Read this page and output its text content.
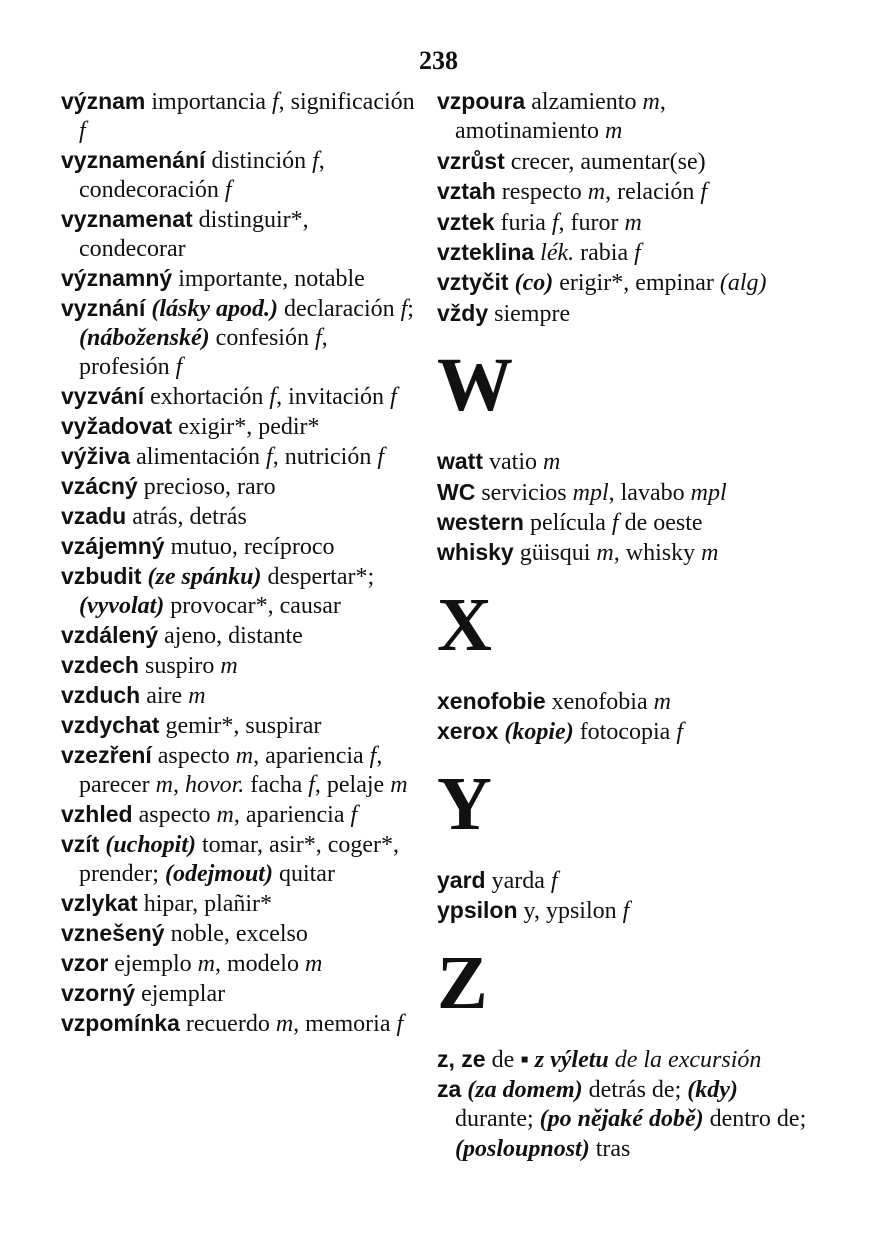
238

význam importancia f, significación f

vyznamenání distinción f, condecoración f

vyznamenat distinguir*, condecorar

významný importante, notable

vyznání (lásky apod.) declaración f; (náboženské) confesión f, profesión f

vyzvání exhortación f, invitación f

vyžadovat exigir*, pedir*

výživa alimentación f, nutrición f

vzácný precioso, raro

vzadu atrás, detrás

vzájemný mutuo, recíproco

vzbudit (ze spánku) despertar*; (vyvolat) provocar*, causar

vzdálený ajeno, distante

vzdech suspiro m

vzduch aire m

vzdychat gemir*, suspirar

vzezření aspecto m, apariencia f, parecer m, hovor. facha f, pelaje m

vzhled aspecto m, apariencia f

vzít (uchopit) tomar, asir*, coger*, prender; (odejmout) quitar

vzlykat hipar, plañir*

vznešený noble, excelso

vzor ejemplo m, modelo m

vzorný ejemplar

vzpomínka recuerdo m, memoria f

vzpoura alzamiento m, amotinamiento m

vzrůst crecer, aumentar(se)

vztah respecto m, relación f

vztek furia f, furor m

vzteklina lék. rabia f

vztyčit (co) erigir*, empinar (alg)

vždy siempre

W

watt vatio m

WC servicios mpl, lavabo mpl

western película f de oeste

whisky güisqui m, whisky m

X

xenofobie xenofobia m

xerox (kopie) fotocopia f

Y

yard yarda f

ypsilon y, ypsilon f

Z

z, ze de ▪ z výletu de la excursión

za (za domem) detrás de; (kdy) durante; (po nějaké době) dentro de; (posloupnost) tras
